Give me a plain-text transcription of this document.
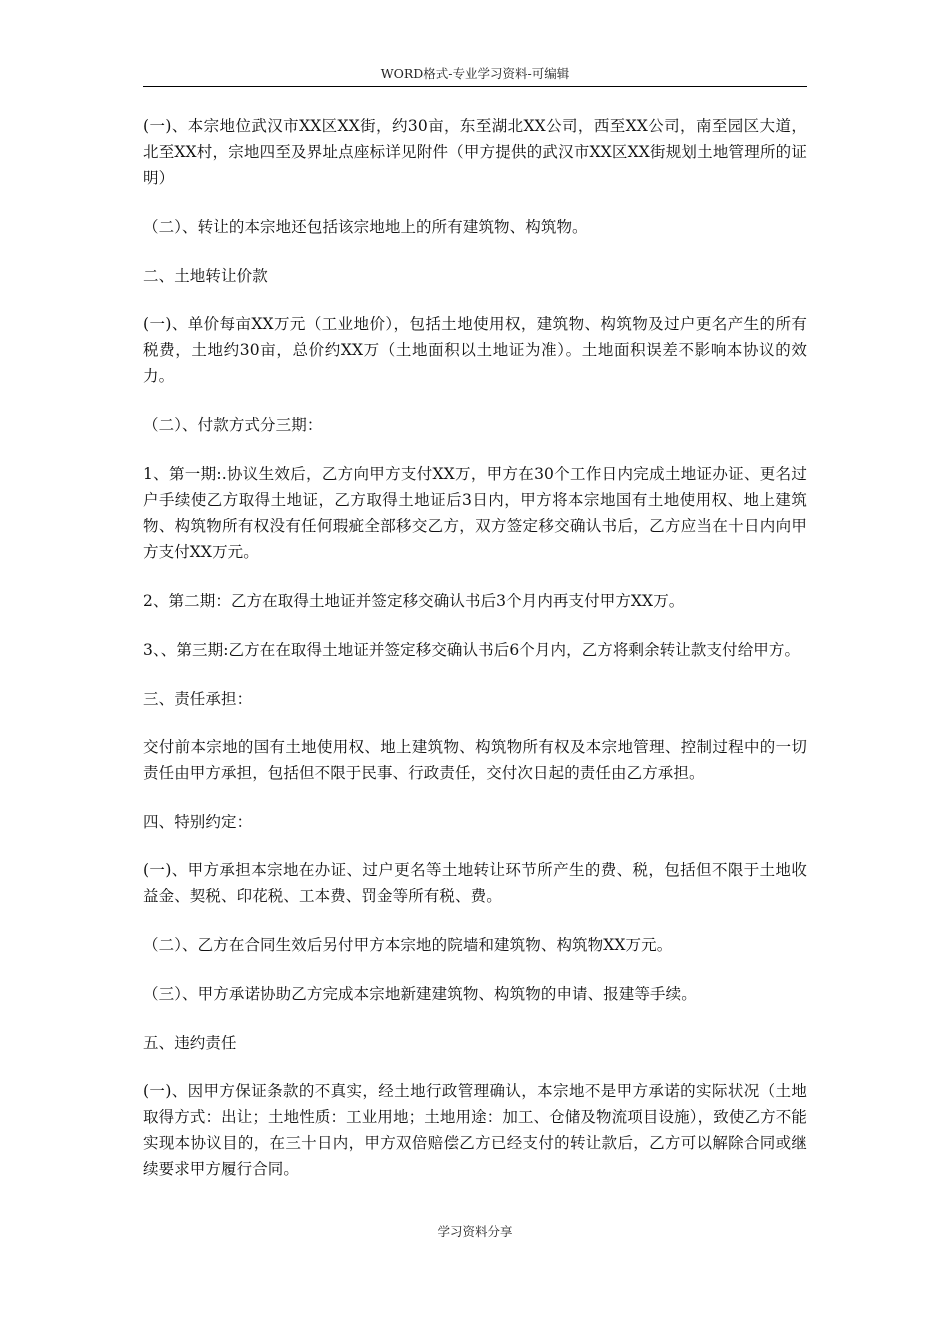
WORD格式-专业学习资料-可编辑

(一)、本宗地位武汉市XX区XX街，约30亩，东至湖北XX公司，西至XX公司，南至园区大道，北至XX村，宗地四至及界址点座标详见附件（甲方提供的武汉市XX区XX街规划土地管理所的证明）

（二）、转让的本宗地还包括该宗地地上的所有建筑物、构筑物。

二、土地转让价款

(一)、单价每亩XX万元（工业地价），包括土地使用权，建筑物、构筑物及过户更名产生的所有税费，土地约30亩，总价约XX万（土地面积以土地证为准）。土地面积误差不影响本协议的效力。

（二）、付款方式分三期：

1、第一期:.协议生效后，乙方向甲方支付XX万，甲方在30个工作日内完成土地证办证、更名过户手续使乙方取得土地证，乙方取得土地证后3日内，甲方将本宗地国有土地使用权、地上建筑物、构筑物所有权没有任何瑕疵全部移交乙方，双方签定移交确认书后，乙方应当在十日内向甲方支付XX万元。

2、第二期：乙方在取得土地证并签定移交确认书后3个月内再支付甲方XX万。

3、、第三期:乙方在在取得土地证并签定移交确认书后6个月内，乙方将剩余转让款支付给甲方。

三、责任承担：

交付前本宗地的国有土地使用权、地上建筑物、构筑物所有权及本宗地管理、控制过程中的一切责任由甲方承担，包括但不限于民事、行政责任，交付次日起的责任由乙方承担。

四、特别约定：

(一)、甲方承担本宗地在办证、过户更名等土地转让环节所产生的费、税，包括但不限于土地收益金、契税、印花税、工本费、罚金等所有税、费。

（二）、乙方在合同生效后另付甲方本宗地的院墙和建筑物、构筑物XX万元。

（三）、甲方承诺协助乙方完成本宗地新建建筑物、构筑物的申请、报建等手续。

五、违约责任

(一)、因甲方保证条款的不真实，经土地行政管理确认，本宗地不是甲方承诺的实际状况（土地取得方式：出让；土地性质：工业用地；土地用途：加工、仓储及物流项目设施），致使乙方不能实现本协议目的，在三十日内，甲方双倍赔偿乙方已经支付的转让款后，乙方可以解除合同或继续要求甲方履行合同。

学习资料分享
